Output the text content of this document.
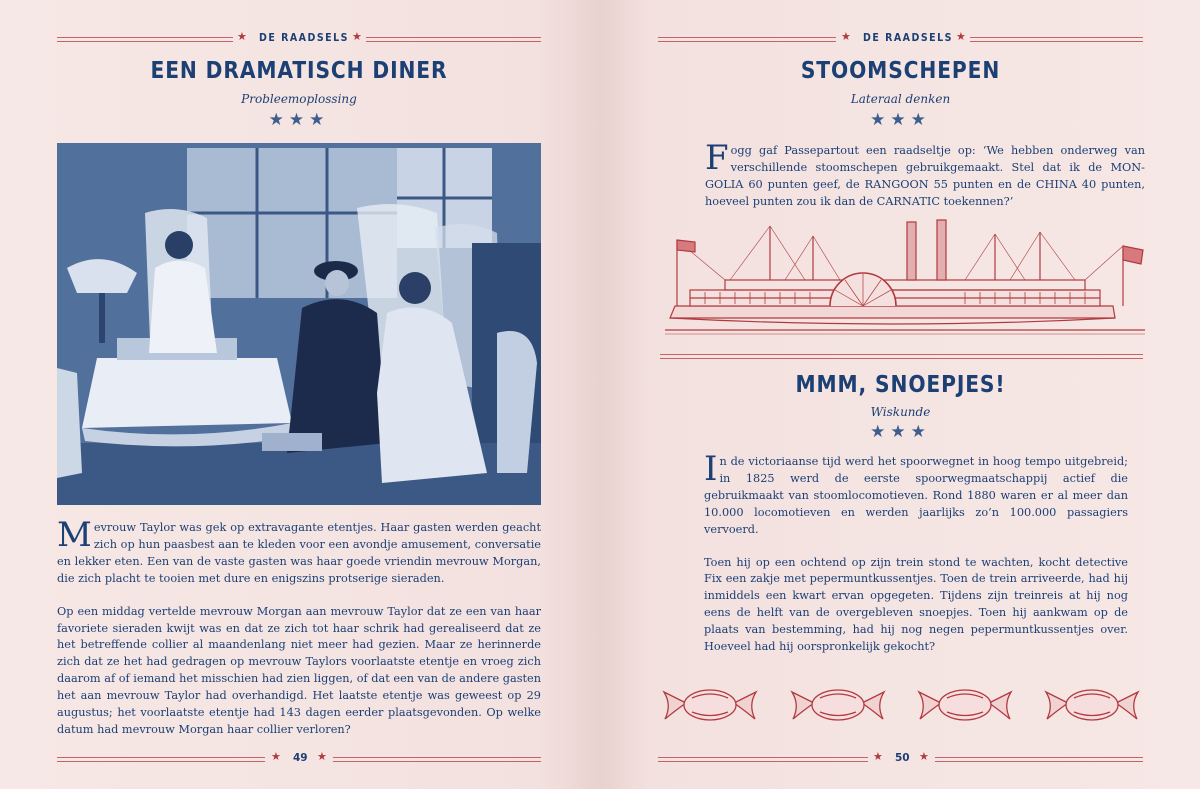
★ DE RAADSELS ★
EEN DRAMATISCH DINER
Probleemoplossing
★★★

Mevrouw Taylor was gek op extravagante etentjes. Haar gasten werden geacht zich op hun paasbest aan te kleden voor een avondje amusement, conversatie en lekker eten. Een van de vaste gasten was haar goede vriendin mevrouw Morgan, die zich placht te tooien met dure en enigszins protserige sieraden.

Op een middag vertelde mevrouw Morgan aan mevrouw Taylor dat ze een van haar favoriete sieraden kwijt was en dat ze zich tot haar schrik had gerealiseerd dat ze het betreffende collier al maandenlang niet meer had gezien. Maar ze herinnerde zich dat ze het had gedragen op mevrouw Taylors voorlaatste etentje en vroeg zich daarom af of iemand het misschien had zien liggen, of dat een van de andere gasten het aan mevrouw Taylor had overhandigd. Het laatste etentje was geweest op 29 augustus; het voorlaatste etentje had 143 dagen eerder plaatsgevonden. Op welke datum had mevrouw Morgan haar collier verloren?

★ 49 ★
★ DE RAADSELS ★
STOOMSCHEPEN
Lateraal denken
★★★

Fogg gaf Passepartout een raadseltje op: ‘We hebben onderweg van verschillende stoomschepen gebruikgemaakt. Stel dat ik de MON-GOLIA 60 punten geef, de RANGOON 55 punten en de CHINA 40 punten, hoeveel punten zou ik dan de CARNATIC toekennen?’

MMM, SNOEPJES!
Wiskunde
★★★

In de victoriaanse tijd werd het spoorwegnet in hoog tempo uitgebreid; in 1825 werd de eerste spoorwegmaatschappij actief die gebruikmaakt van stoomlocomotieven. Rond 1880 waren er al meer dan 10.000 locomotieven en werden jaarlijks zo’n 100.000 passagiers vervoerd.

Toen hij op een ochtend op zijn trein stond te wachten, kocht detective Fix een zakje met pepermuntkussentjes. Toen de trein arriveerde, had hij inmiddels een kwart ervan opgegeten. Tijdens zijn treinreis at hij nog eens de helft van de overgebleven snoepjes. Toen hij aankwam op de plaats van bestemming, had hij nog negen pepermuntkussentjes over. Hoeveel had hij oorspronkelijk gekocht?

★ 50 ★
